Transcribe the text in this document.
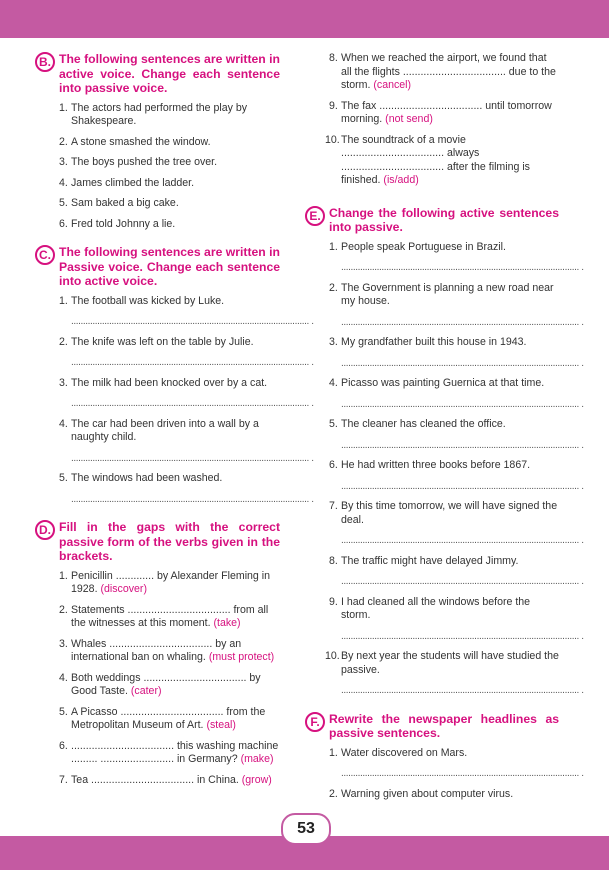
B. The following sentences are written in active voice. Change each sentence into passive voice.
1. The actors had performed the play by Shakespeare.
2. A stone smashed the window.
3. The boys pushed the tree over.
4. James climbed the ladder.
5. Sam baked a big cake.
6. Fred told Johnny a lie.
C. The following sentences are written in Passive voice. Change each sentence into active voice.
1. The football was kicked by Luke.
.................................................................................................... .
2. The knife was left on the table by Julie.
.................................................................................................... .
3. The milk had been knocked over by a cat.
.................................................................................................... .
4. The car had been driven into a wall by a naughty child.
.................................................................................................... .
5. The windows had been washed.
.................................................................................................... .
D. Fill in the gaps with the correct passive form of the verbs given in the brackets.
1. Penicillin ............. by Alexander Fleming in 1928. (discover)
2. Statements ................................... from all the witnesses at this moment. (take)
3. Whales ................................... by an international ban on whaling. (must protect)
4. Both weddings ................................... by Good Taste. (cater)
5. A Picasso ................................... from the Metropolitan Museum of Art. (steal)
6. ................................... this washing machine ......... ......................... in Germany? (make)
7. Tea ................................... in China. (grow)
8. When we reached the airport, we found that all the flights ................................... due to the storm. (cancel)
9. The fax ................................... until tomorrow morning. (not send)
10. The soundtrack of a movie ................................... always ................................... after the filming is finished. (is/add)
E. Change the following active sentences into passive.
1. People speak Portuguese in Brazil.
.................................................................................................... .
2. The Government is planning a new road near my house.
.................................................................................................... .
3. My grandfather built this house in 1943.
.................................................................................................... .
4. Picasso was painting Guernica at that time.
.................................................................................................... .
5. The cleaner has cleaned the office.
.................................................................................................... .
6. He had written three books before 1867.
.................................................................................................... .
7. By this time tomorrow, we will have signed the deal.
.................................................................................................... .
8. The traffic might have delayed Jimmy.
.................................................................................................... .
9. I had cleaned all the windows before the storm.
.................................................................................................... .
10. By next year the students will have studied the passive.
.................................................................................................... .
F. Rewrite the newspaper headlines as passive sentences.
1. Water discovered on Mars.
.................................................................................................... .
2. Warning given about computer virus.
53
